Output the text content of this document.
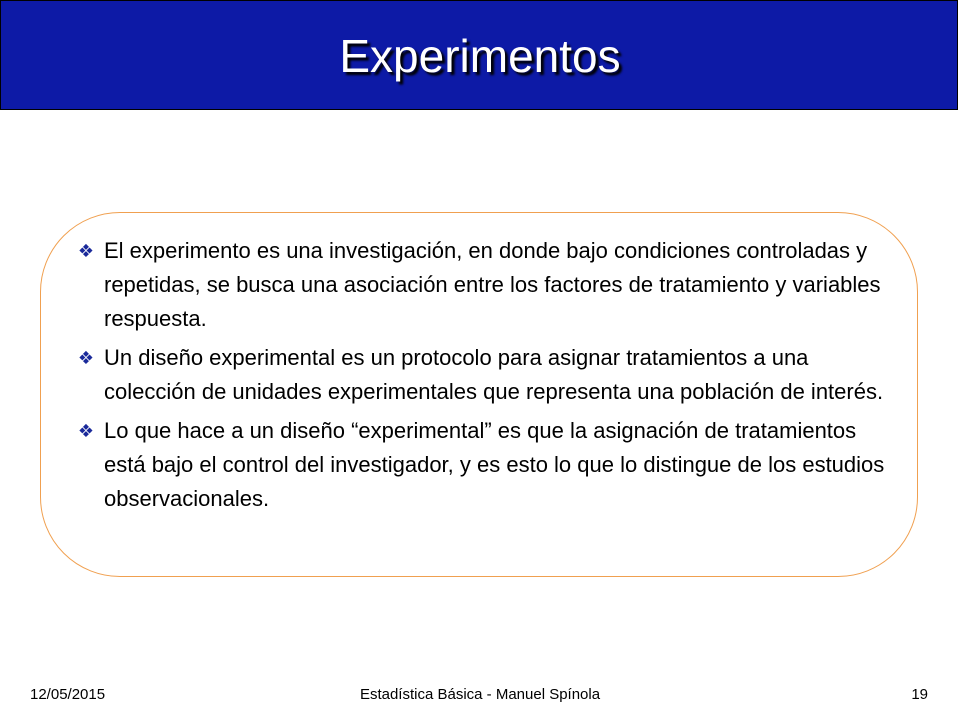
Experimentos
❖ El experimento es una investigación, en donde bajo condiciones controladas y repetidas, se busca una asociación entre los factores de tratamiento y variables respuesta.
❖ Un diseño experimental es un protocolo para asignar tratamientos a una colección de unidades experimentales que representa una población de interés.
❖ Lo que hace a un diseño “experimental” es que la asignación de tratamientos está bajo el control del investigador, y es esto lo que lo distingue de los estudios observacionales.
12/05/2015	Estadística Básica - Manuel Spínola	19
